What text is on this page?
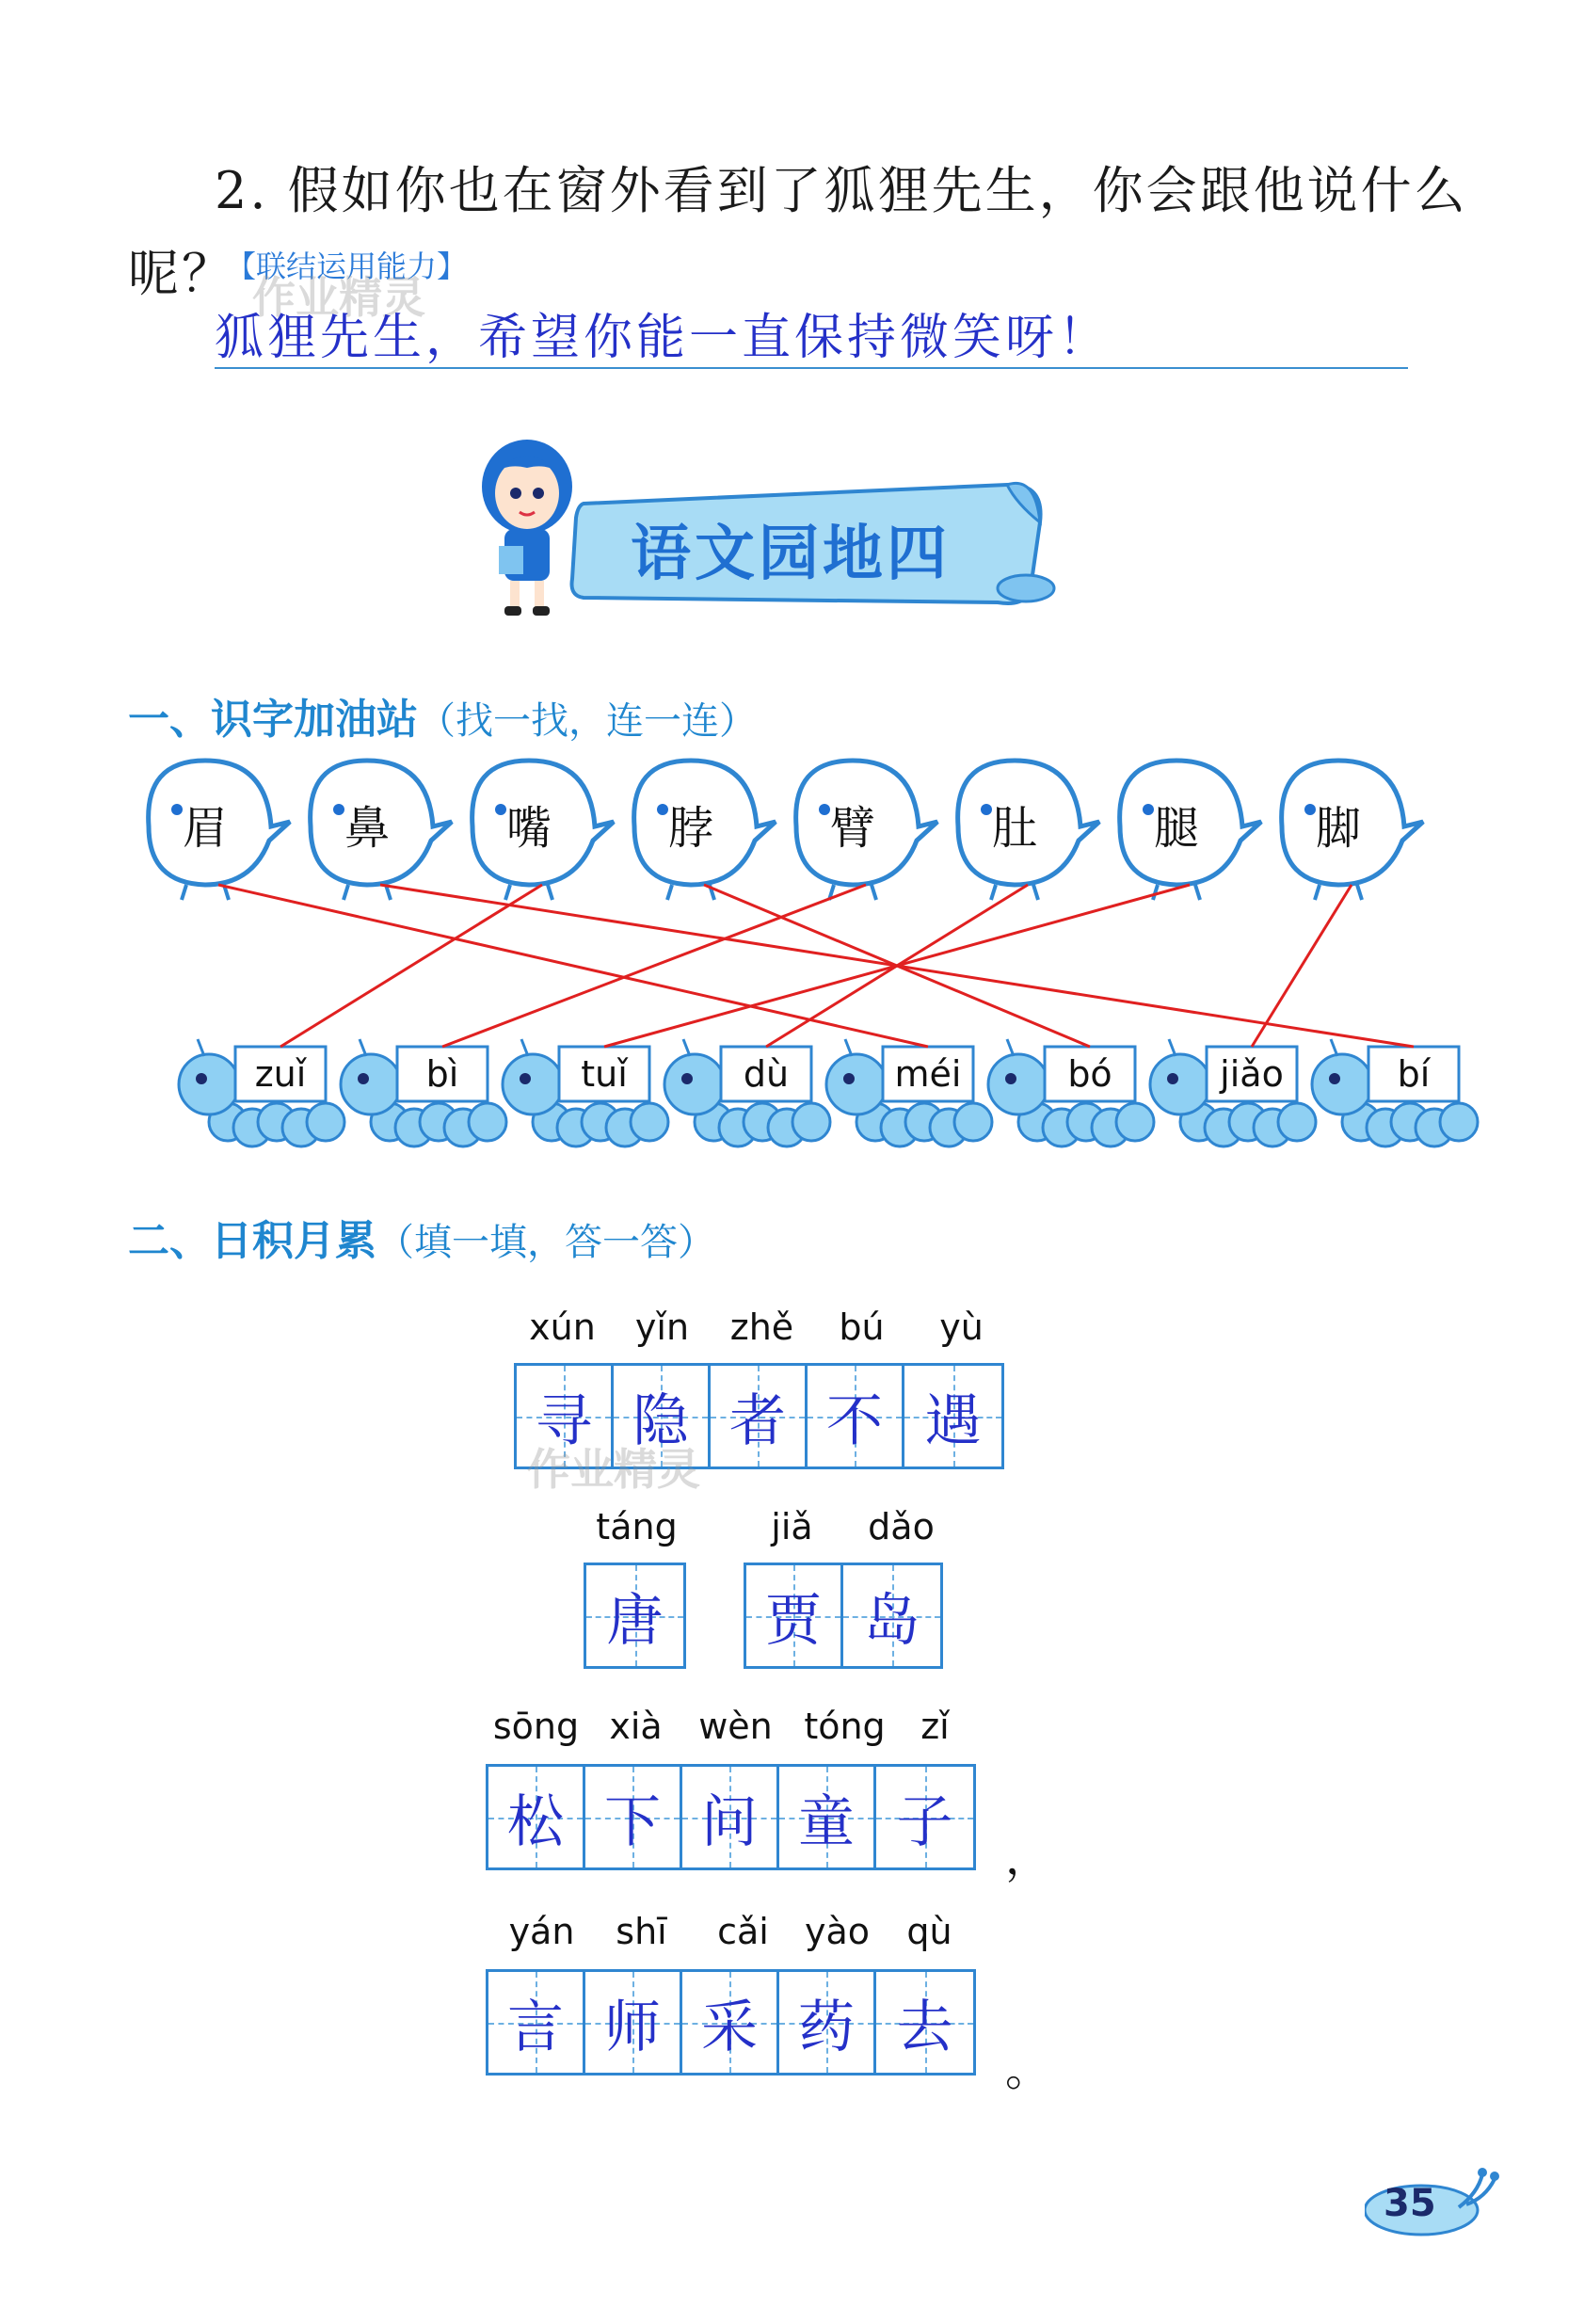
2. 假如你也在窗外看到了狐狸先生，你会跟他说什么
呢？
【联结运用能力】
作业精灵
狐狸先生，希望你能一直保持微笑呀！
语文园地四
一、识字加油站（找一找，连一连）
眉	鼻	嘴	脖	臂	肚	腿	脚
zuǐ	bì	tuǐ	dù	méi	bó	jiǎo	bí
二、日积月累（填一填，答一答）
xún	yǐn	zhě	bú	yù
寻 隐 者 不 遇
作业精灵
táng
唐
jiǎ	dǎo
贾 岛
sōng xià	wèn tóng zǐ
松 下 问 童 子
，
yán	shī	cǎi	yào	qù
言 师 采 药 去
。
35
